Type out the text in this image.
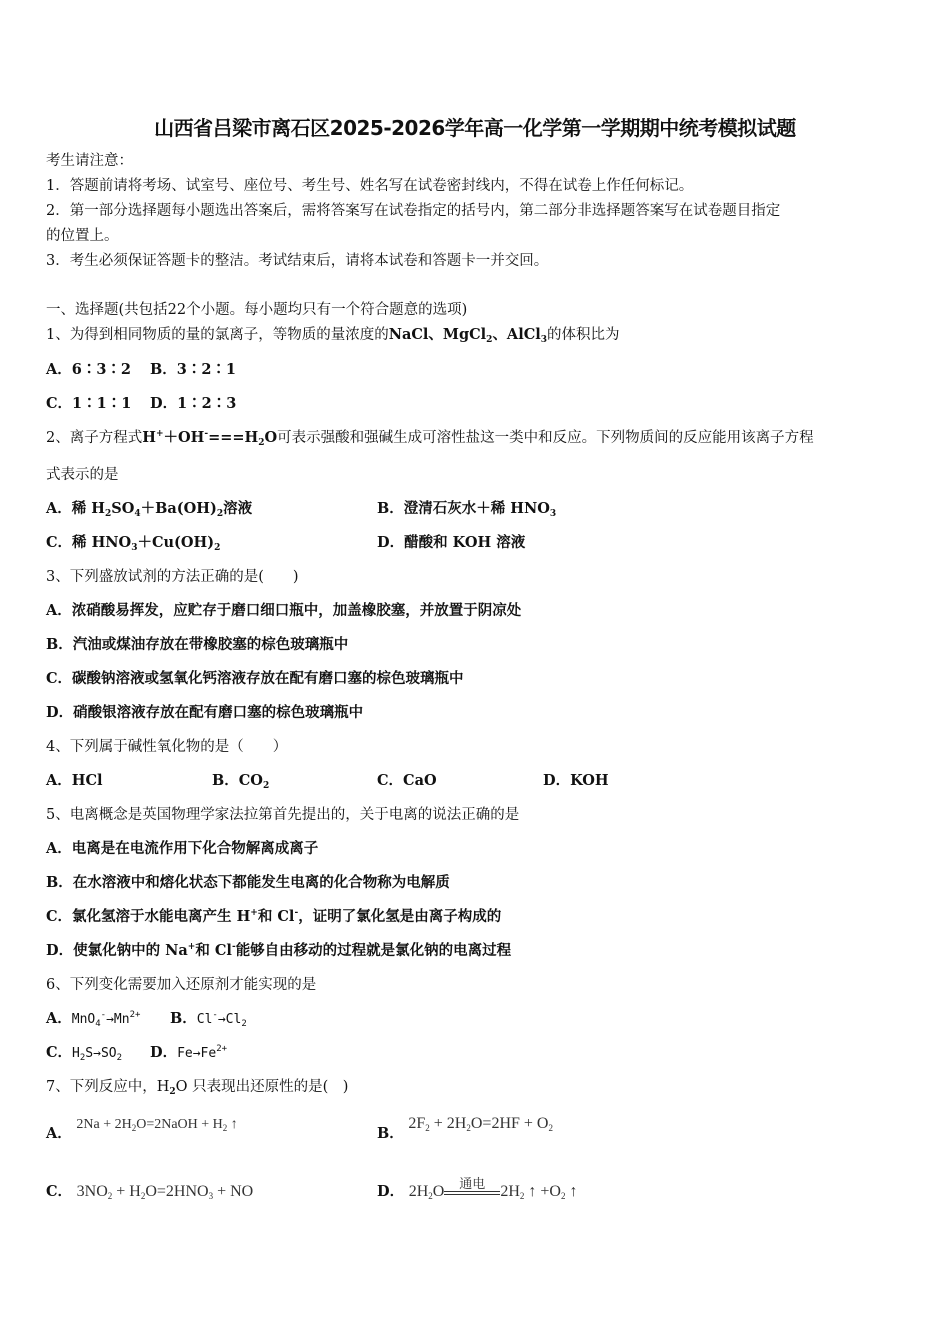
山西省吕梁市离石区2025-2026学年高一化学第一学期期中统考模拟试题
考生请注意：
1．答题前请将考场、试室号、座位号、考生号、姓名写在试卷密封线内，不得在试卷上作任何标记。
2．第一部分选择题每小题选出答案后，需将答案写在试卷指定的括号内，第二部分非选择题答案写在试卷题目指定
的位置上。
3．考生必须保证答题卡的整洁。考试结束后，请将本试卷和答题卡一并交回。
一、选择题(共包括22个小题。每小题均只有一个符合题意的选项)
1、为得到相同物质的量的氯离子，等物质的量浓度的NaCl、MgCl$_2$、AlCl$_3$的体积比为
A．6∶3∶2 B．3∶2∶1
C．1∶1∶1 D．1∶2∶3
2、离子方程式$H^++OH^-===H_2O$可表示强酸和强碱生成可溶性盐这一类中和反应。下列物质间的反应能用该离子方程
式表示的是
A．稀 $H_2SO_4+Ba(OH)_2$溶液	B．澄清石灰水＋稀 $HNO_3$
C．稀 $HNO_3+Cu(OH)_2$	D．醋酸和 KOH 溶液
3、下列盛放试剂的方法正确的是(　　)
A．浓硝酸易挥发，应贮存于磨口细口瓶中，加盖橡胶塞，并放置于阴凉处
B．汽油或煤油存放在带橡胶塞的棕色玻璃瓶中
C．碳酸钠溶液或氢氧化钙溶液存放在配有磨口塞的棕色玻璃瓶中
D．硝酸银溶液存放在配有磨口塞的棕色玻璃瓶中
4、下列属于碱性氧化物的是（　　）
A．HCl	B．$CO_2$	C．CaO	D．KOH
5、电离概念是英国物理学家法拉第首先提出的，关于电离的说法正确的是
A．电离是在电流作用下化合物解离成离子
B．在水溶液中和熔化状态下都能发生电离的化合物称为电解质
C．氯化氢溶于水能电离产生 H+和 Cl-，证明了氯化氢是由离子构成的
D．使氯化钠中的 Na+和 Cl-能够自由移动的过程就是氯化钠的电离过程
6、下列变化需要加入还原剂才能实现的是
A．$MnO_4^-\to Mn^{2+}$ B．$Cl^-\to Cl_2$
C．$H_2S\to SO_2$ D．$Fe\to Fe^{2+}$
7、下列反应中，$H_2O$ 只表现出还原性的是(　)
A． $2Na + 2H_2O=2NaOH + H_2$ ↑
B． $2F_2 + 2H_2O=2HF + O_2$
C． $3NO_2 + H_2O=2HNO_3$ + NO	D． $2H_2O$	通电 $2H_2$ ↑ $+O_2$ ↑
